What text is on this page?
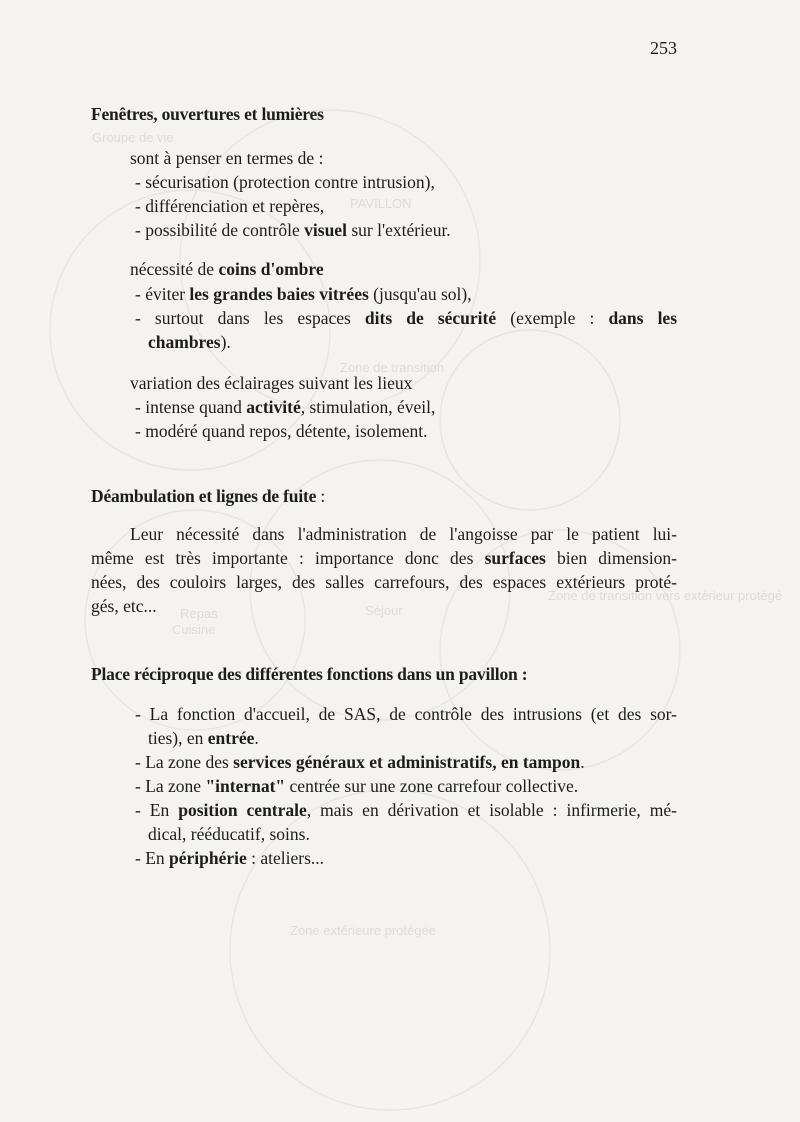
Groupe de vie
PAVILLON
Zone de transition
Repas
Cuisine
Séjour
Zone de transition vers extérieur protégé
Zone extérieure protégée
253
Fenêtres, ouvertures et lumières
sont à penser en termes de :
- sécurisation (protection contre intrusion),
- différenciation et repères,
- possibilité de contrôle visuel sur l'extérieur.
nécessité de coins d'ombre
- éviter les grandes baies vitrées (jusqu'au sol),
- surtout dans les espaces dits de sécurité (exemple : dans les
chambres).
variation des éclairages suivant les lieux
- intense quand activité, stimulation, éveil,
- modéré quand repos, détente, isolement.
Déambulation et lignes de fuite :
Leur nécessité dans l'administration de l'angoisse par le patient lui-
même est très importante : importance donc des surfaces bien dimension-
nées, des couloirs larges, des salles carrefours, des espaces extérieurs proté-
gés, etc...
Place réciproque des différentes fonctions dans un pavillon :
- La fonction d'accueil, de SAS, de contrôle des intrusions (et des sor-
ties), en entrée.
- La zone des services généraux et administratifs, en tampon.
- La zone "internat" centrée sur une zone carrefour collective.
- En position centrale, mais en dérivation et isolable : infirmerie, mé-
dical, rééducatif, soins.
- En périphérie : ateliers...
